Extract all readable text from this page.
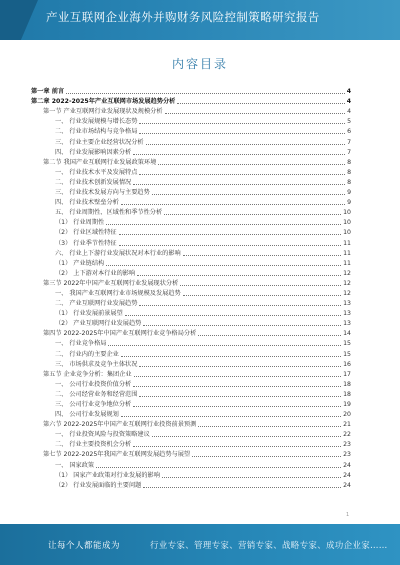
产业互联网企业海外并购财务风险控制策略研究报告
内容目录
第一章 前言	4
第二章 2022-2025年产业互联网市场发展趋势分析	4
第一节 产业互联网行业发展现状及规模分析	4
一、 行业发展规模与增长态势	5
二、 行业市场结构与竞争格局	6
三、 行业主要企业经营状况分析	7
四、 行业发展影响因素分析	7
第二节 我国产业互联网行业发展政策环境	8
一、 行业技术水平及发展特点	8
二、 行业技术创新发展情况	8
三、 行业技术发展方向与主要趋势	9
四、 行业技术壁垒分析	9
五、 行业周期性、区域性和季节性分析	10
（1） 行业周期性	10
（2） 行业区域性特征	10
（3） 行业季节性特征	11
六、 行业上下游行业发展状况对本行业的影响	11
（1） 产业链结构	11
（2） 上下游对本行业的影响	12
第三节 2022年中国产业互联网行业发展现状分析	12
一、 我国产业互联网行业市场规模及发展趋势	12
二、 产业互联网行业发展趋势	13
（1） 行业发展前景展望	13
（2） 产业互联网行业发展趋势	13
第四节 2022-2025年中国产业互联网行业竞争格局分析	14
一、 行业竞争格局	15
二、 行业内的主要企业	15
三、 市场供求及竞争主体状况	16
第五节 企业竞争分析：集团企业	17
一、 公司行业投资价值分析	18
二、 公司经营业务和经营范围	18
三、 公司行业竞争地位分析	19
四、 公司行业发展规划	20
第六节 2022-2025年中国产业互联网行业投资前景预测	21
一、 行业投资风险与投资策略建议	22
二、 行业主要投资机会分析	23
第七节 2022-2025年我国产业互联网发展趋势与展望	23
一、 国家政策	24
（1） 国家产业政策对行业发展的影响	24
（2） 行业发展面临的主要问题	24
1
让每个人都能成为	行业专家、管理专家、营销专家、战略专家、成功企业家……
